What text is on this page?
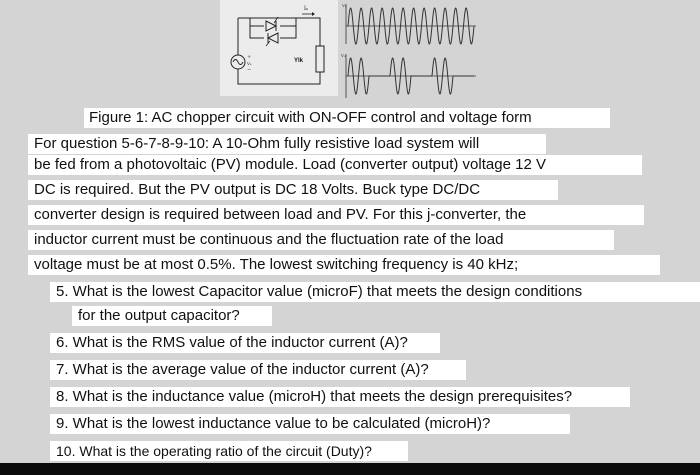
iₒ
+
vₛ
−
Ylk
vₛ
vₒ
Figure 1: AC chopper circuit with ON-OFF control and voltage form
For question 5-6-7-8-9-10: A 10-Ohm fully resistive load system will
be fed from a photovoltaic (PV) module. Load (converter output) voltage 12 V
DC is required. But the PV output is DC 18 Volts. Buck type DC/DC
converter design is required between load and PV. For this j-converter, the
inductor current must be continuous and the fluctuation rate of the load
voltage must be at most 0.5%. The lowest switching frequency is 40 kHz;
5. What is the lowest Capacitor value (microF) that meets the design conditions
for the output capacitor?
6. What is the RMS value of the inductor current (A)?
7. What is the average value of the inductor current (A)?
8. What is the inductance value (microH) that meets the design prerequisites?
9. What is the lowest inductance value to be calculated (microH)?
10. What is the operating ratio of the circuit (Duty)?
